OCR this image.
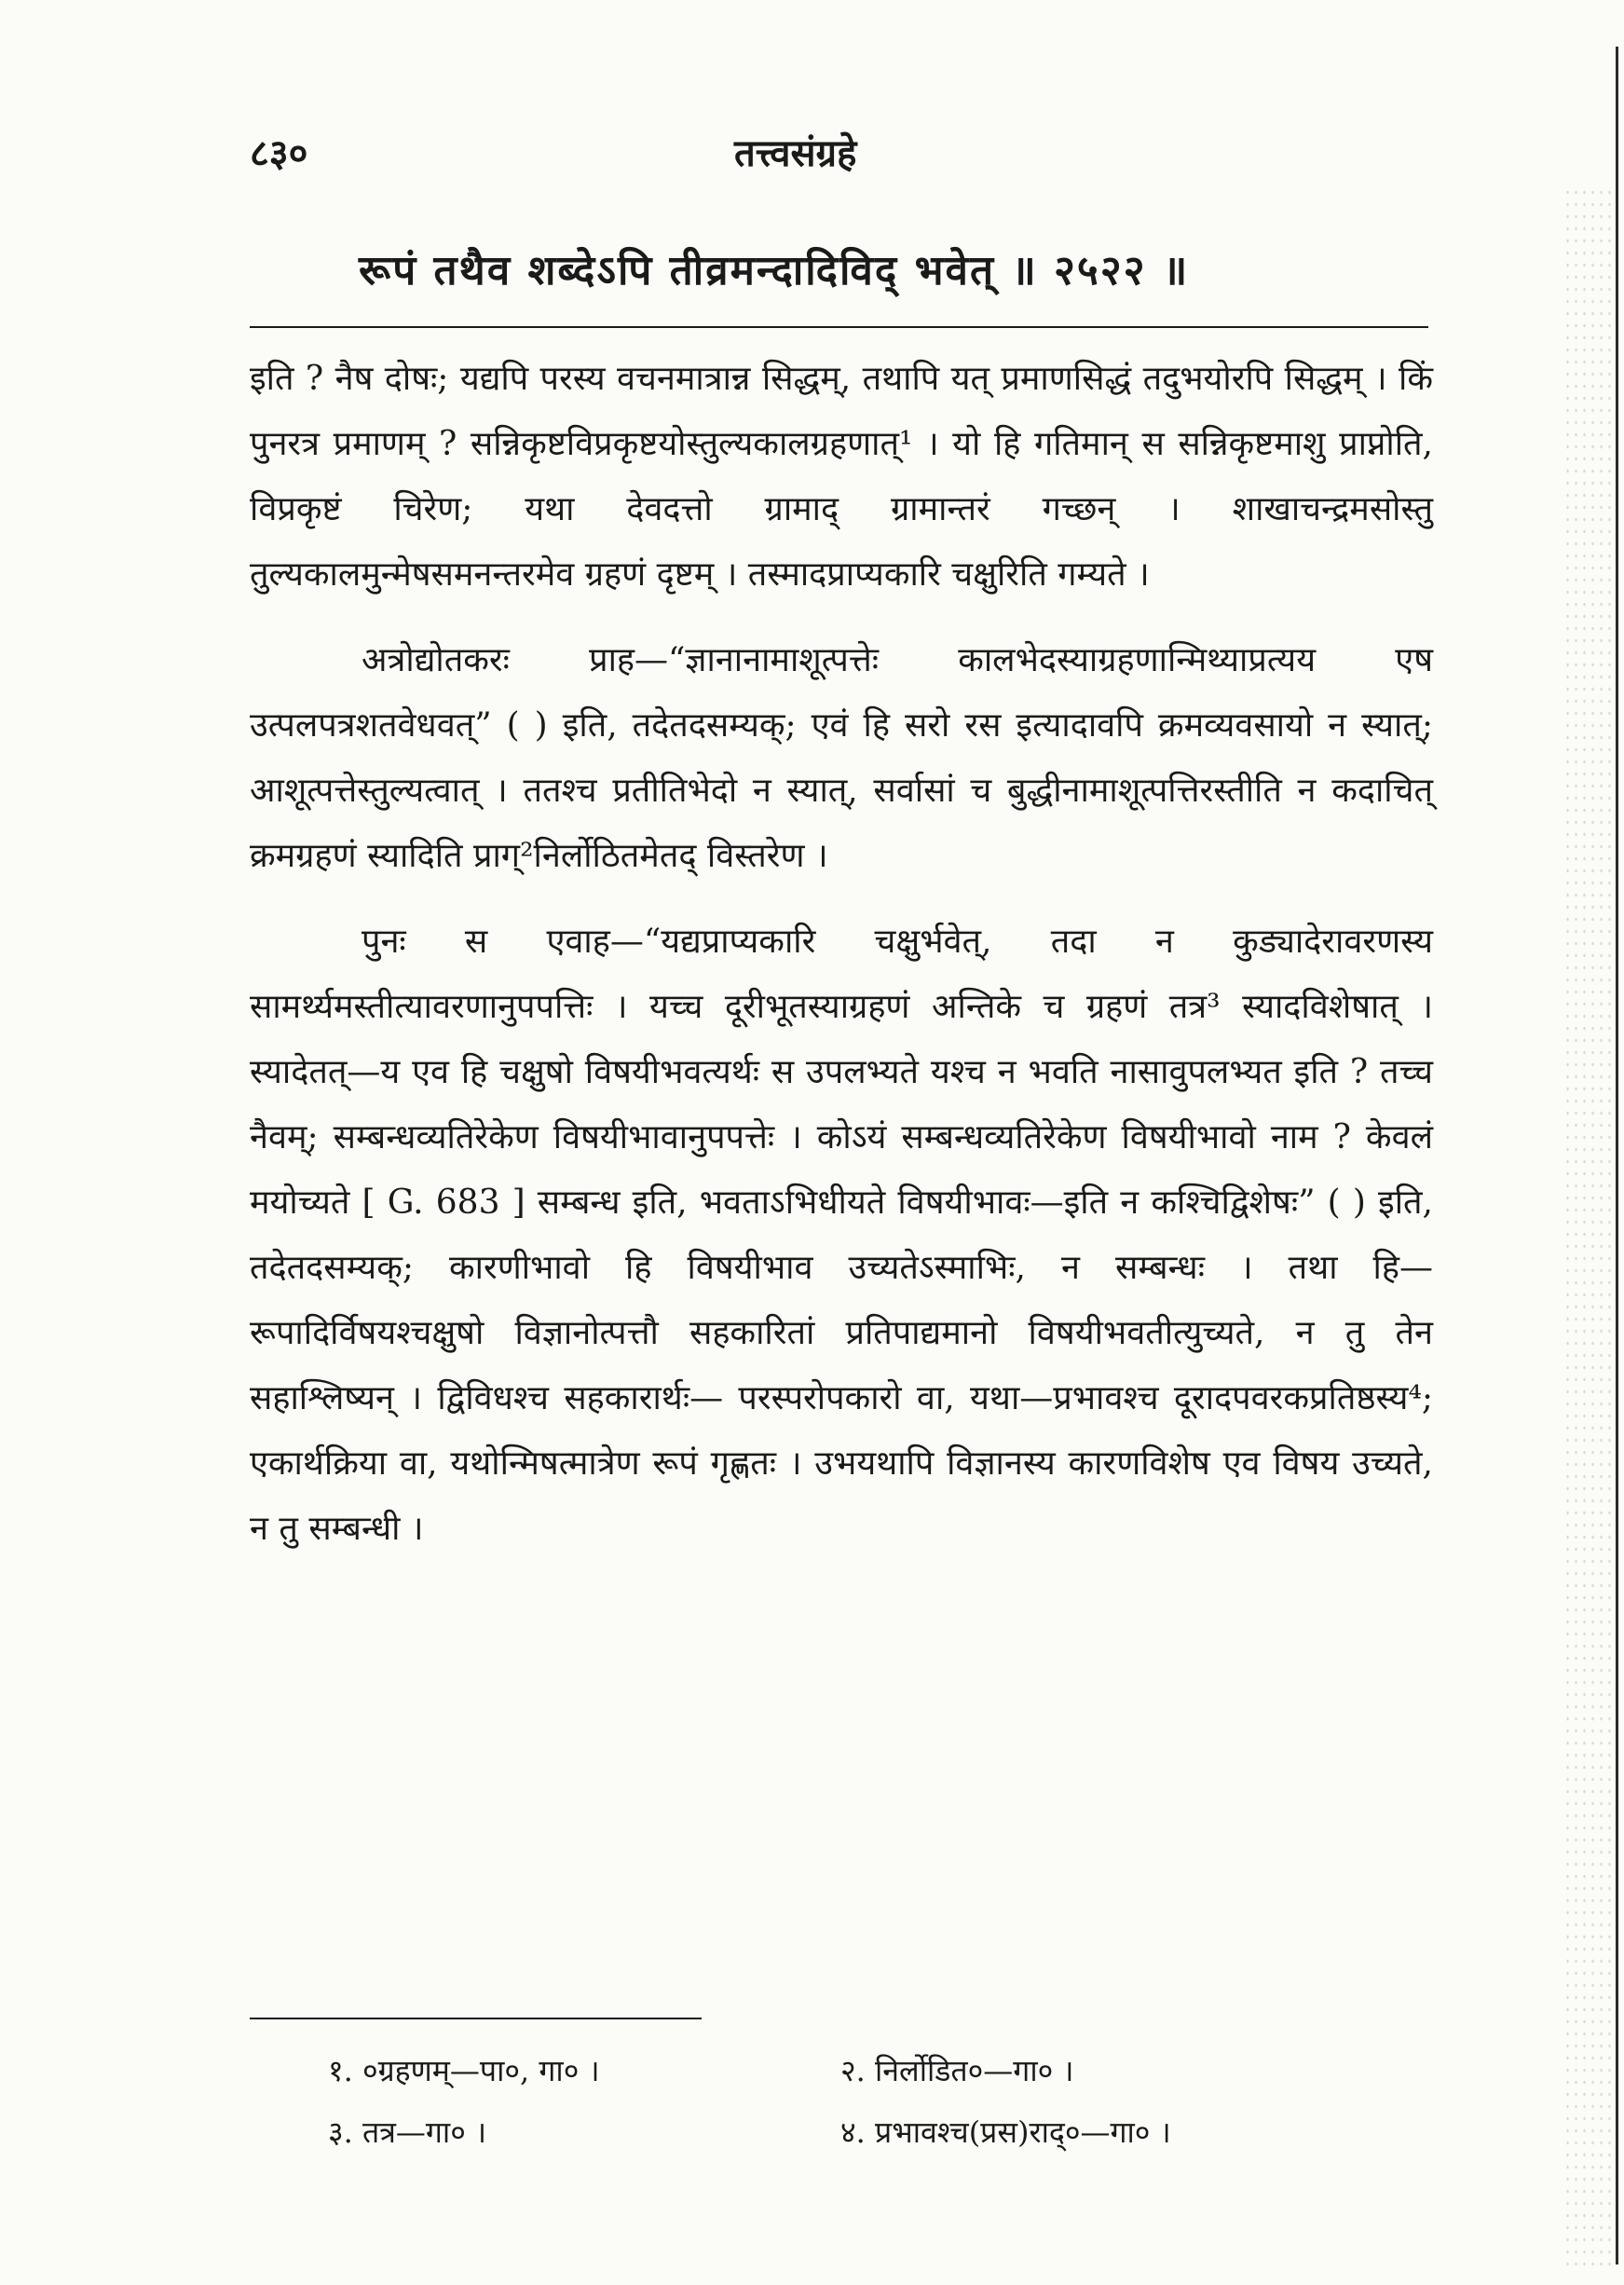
८३०	तत्त्वसंग्रहे
रूपं तथैव शब्देऽपि तीव्रमन्दादिविद् भवेत् ॥ २५२२ ॥

इति ? नैष दोषः; यद्यपि परस्य वचनमात्रान्न सिद्धम्, तथापि यत् प्रमाणसिद्धं तदुभयोरपि सिद्धम् । किं पुनरत्र प्रमाणम् ? सन्निकृष्टविप्रकृष्टयोस्तुल्यकालग्रहणात्¹ । यो हि गतिमान् स सन्निकृष्टमाशु प्राप्नोति, विप्रकृष्टं चिरेण; यथा देवदत्तो ग्रामाद् ग्रामान्तरं गच्छन् । शाखाचन्द्रमसोस्तु तुल्यकालमुन्मेषसमनन्तरमेव ग्रहणं दृष्टम् । तस्मादप्राप्यकारि चक्षुरिति गम्यते ।

अत्रोद्योतकरः प्राह—“ज्ञानानामाशूत्पत्तेः कालभेदस्याग्रहणान्मिथ्याप्रत्यय एष उत्पलपत्रशतवेधवत्” ( ) इति, तदेतदसम्यक्; एवं हि सरो रस इत्यादावपि क्रमव्यवसायो न स्यात्; आशूत्पत्तेस्तुल्यत्वात् । ततश्च प्रतीतिभेदो न स्यात्, सर्वासां च बुद्धीनामाशूत्पत्तिरस्तीति न कदाचित् क्रमग्रहणं स्यादिति प्राग्²निर्लोठितमेतद् विस्तरेण ।

पुनः स एवाह—“यद्यप्राप्यकारि चक्षुर्भवेत्, तदा न कुड्यादेरावरणस्य सामर्थ्यमस्तीत्यावरणानुपपत्तिः । यच्च दूरीभूतस्याग्रहणं अन्तिके च ग्रहणं तत्र³ स्यादविशेषात् । स्यादेतत्—य एव हि चक्षुषो विषयीभवत्यर्थः स उपलभ्यते यश्च न भवति नासावुपलभ्यत इति ? तच्च नैवम्; सम्बन्धव्यतिरेकेण विषयीभावानुपपत्तेः । कोऽयं सम्बन्धव्यतिरेकेण विषयीभावो नाम ? केवलं मयोच्यते [ G. 683 ] सम्बन्ध इति, भवताऽभिधीयते विषयीभावः—इति न कश्चिद्विशेषः” ( ) इति, तदेतदसम्यक्; कारणीभावो हि विषयीभाव उच्यतेऽस्माभिः, न सम्बन्धः । तथा हि—रूपादिर्विषयश्चक्षुषो विज्ञानोत्पत्तौ सहकारितां प्रतिपाद्यमानो विषयीभवतीत्युच्यते, न तु तेन सहाश्लिष्यन् । द्विविधश्च सहकारार्थः— परस्परोपकारो वा, यथा—प्रभावश्च दूरादपवरकप्रतिष्ठस्य⁴; एकार्थक्रिया वा, यथोन्मिषत्मात्रेण रूपं गृह्णतः । उभयथापि विज्ञानस्य कारणविशेष एव विषय उच्यते, न तु सम्बन्धी ।

१. ०ग्रहणम्—पा०, गा० ।	२. निर्लोडित०—गा० ।
३. तत्र—गा० ।	४. प्रभावश्च(प्रस)राद्०—गा० ।
